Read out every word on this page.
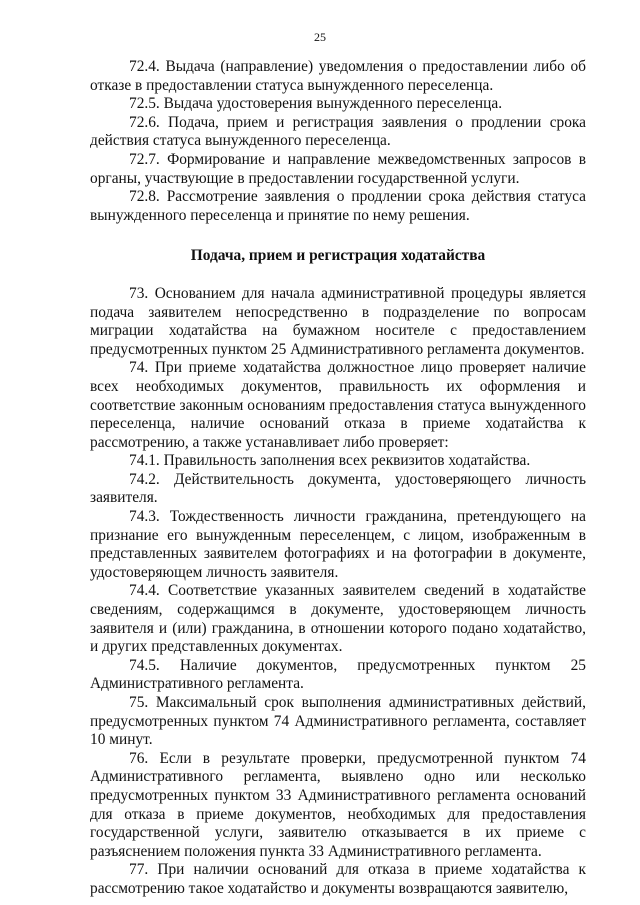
25

72.4. Выдача (направление) уведомления о предоставлении либо об отказе в предоставлении статуса вынужденного переселенца.

72.5. Выдача удостоверения вынужденного переселенца.

72.6. Подача, прием и регистрация заявления о продлении срока действия статуса вынужденного переселенца.

72.7. Формирование и направление межведомственных запросов в органы, участвующие в предоставлении государственной услуги.

72.8. Рассмотрение заявления о продлении срока действия статуса вынужденного переселенца и принятие по нему решения.

Подача, прием и регистрация ходатайства

73. Основанием для начала административной процедуры является подача заявителем непосредственно в подразделение по вопросам миграции ходатайства на бумажном носителе с предоставлением предусмотренных пунктом 25 Административного регламента документов.

74. При приеме ходатайства должностное лицо проверяет наличие всех необходимых документов, правильность их оформления и соответствие законным основаниям предоставления статуса вынужденного переселенца, наличие оснований отказа в приеме ходатайства к рассмотрению, а также устанавливает либо проверяет:

74.1. Правильность заполнения всех реквизитов ходатайства.

74.2. Действительность документа, удостоверяющего личность заявителя.

74.3. Тождественность личности гражданина, претендующего на признание его вынужденным переселенцем, с лицом, изображенным в представленных заявителем фотографиях и на фотографии в документе, удостоверяющем личность заявителя.

74.4. Соответствие указанных заявителем сведений в ходатайстве сведениям, содержащимся в документе, удостоверяющем личность заявителя и (или) гражданина, в отношении которого подано ходатайство, и других представленных документах.

74.5. Наличие документов, предусмотренных пунктом 25 Административного регламента.

75. Максимальный срок выполнения административных действий, предусмотренных пунктом 74 Административного регламента, составляет 10 минут.

76. Если в результате проверки, предусмотренной пунктом 74 Административного регламента, выявлено одно или несколько предусмотренных пунктом 33 Административного регламента оснований для отказа в приеме документов, необходимых для предоставления государственной услуги, заявителю отказывается в их приеме с разъяснением положения пункта 33 Административного регламента.

77. При наличии оснований для отказа в приеме ходатайства к рассмотрению такое ходатайство и документы возвращаются заявителю,
